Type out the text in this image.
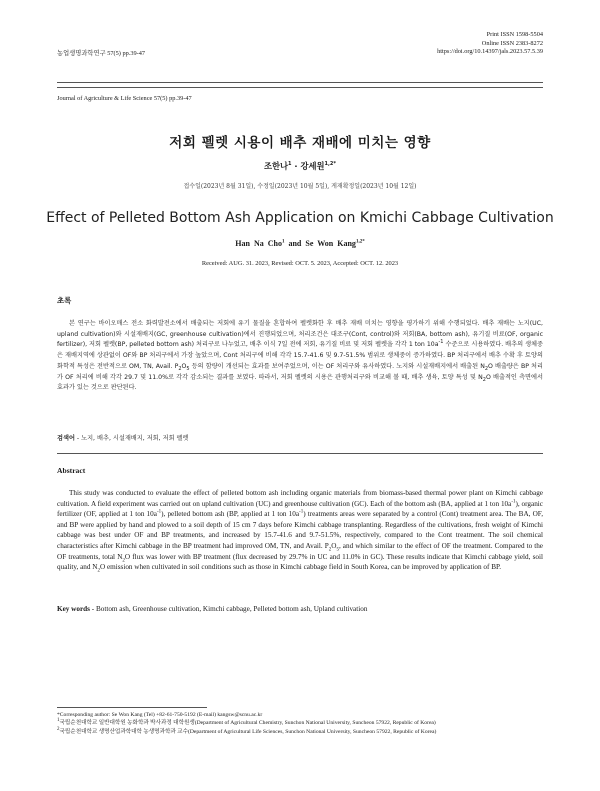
Print ISSN 1598-5504
Online ISSN 2383-8272
https://doi.org/10.14397/jals.2023.57.5.39
농업생명과학연구 57(5) pp.39-47
Journal of Agriculture & Life Science 57(5) pp.39-47
저회 펠렛 시용이 배추 재배에 미치는 영향
조한나$^1$ · 강세원$^{1,2*}$
접수일(2023년 8월 31일), 수정일(2023년 10월 5일), 게재확정일(2023년 10월 12일)
Effect of Pelleted Bottom Ash Application on Kmichi Cabbage Cultivation
Han Na Cho$^1$ and Se Won Kang$^{1,2*}$
Received: AUG. 31. 2023, Revised: OCT. 5. 2023, Accepted: OCT. 12. 2023
초록
본 연구는 바이오매스 전소 화력발전소에서 배출되는 저회에 유기 물질을 혼합하여 펠렛화한 후 배추 재배 미치는 영향을 평가하기 위해 수행되었다. 배추 재배는 노지(UC, upland cultivation)와 시설재배지(GC, greenhouse cultivation)에서 진행되었으며, 처리조건은 대조구(Cont, control)와 저회(BA, bottom ash), 유기질 비료(OF, organic fertilizer), 저회 펠렛(BP, pelleted bottom ash) 처리구로 나누었고, 배추 이식 7일 전에 저회, 유기질 비료 및 저회 펠렛을 각각 1 ton $10a^{-1}$ 수준으로 시용하였다. 배추의 생체중은 재배지역에 상관없이 OF와 BP 처리구에서 가장 높았으며, Cont 처리구에 비해 각각 15.7-41.6 및 9.7-51.5% 범위로 생체중이 증가하였다. BP 처리구에서 배추 수확 후 토양의 화학적 특성은 전반적으로 OM, TN, Avail. $P_2O_5$ 등의 함량이 개선되는 효과를 보여주었으며, 이는 OF 처리구와 유사하였다. 노지와 시설재배지에서 배출된 $N_2O$ 배출량은 BP 처리가 OF 처리에 비해 각각 29.7 및 11.0%로 각각 감소되는 결과를 보였다. 따라서, 저회 펠렛의 시용은 관행처리구와 비교해 볼 때, 배추 생육, 토양 특성 및 $N_2O$ 배출적인 측면에서 효과가 있는 것으로 판단된다.
검색어 - 노지, 배추, 시설재배지, 저회, 저회 펠렛
Abstract
This study was conducted to evaluate the effect of pelleted bottom ash including organic materials from biomass-based thermal power plant on Kimchi cabbage cultivation. A field experiment was carried out on upland cultivation (UC) and greenhouse cultivation (GC). Each of the bottom ash (BA, applied at 1 ton $10a^{-1}$), organic fertilizer (OF, applied at 1 ton $10a^{-1}$), pelleted bottom ash (BP, applied at 1 ton $10a^{-1}$) treatments areas were separated by a control (Cont) treatment area. The BA, OF, and BP were applied by hand and plowed to a soil depth of 15 cm 7 days before Kimchi cabbage transplanting. Regardless of the cultivations, fresh weight of Kimchi cabbage was best under OF and BP treatments, and increased by 15.7-41.6 and 9.7-51.5%, respectively, compared to the Cont treatment. The soil chemical characteristics after Kimchi cabbage in the BP treatment had improved OM, TN, and Avail. $P_2O_5$, and which similar to the effect of OF the treatment. Compared to the OF treatments, total $N_2O$ flux was lower with BP treatment (flux decreased by 29.7% in UC and 11.0% in GC). These results indicate that Kimchi cabbage yield, soil quality, and $N_2O$ emission when cultivated in soil conditions such as those in Kimchi cabbage field in South Korea, can be improved by application of BP.
Key words - Bottom ash, Greenhouse cultivation, Kimchi cabbage, Pelleted bottom ash, Upland cultivation
*Corresponding author: Se Won Kang (Tel) +82-61-750-5192 (E-mail) kangsw@scnu.ac.kr
$^1$국립순천대학교 일반대학원 농화학과 박사과정 대학원생(Department of Agricultural Chemistry, Sunchon National University, Suncheon 57922, Republic of Korea)
$^2$국립순천대학교 생명산업과학대학 농생명과학과 교수(Department of Agricultural Life Sciences, Sunchon National University, Suncheon 57922, Republic of Korea)
